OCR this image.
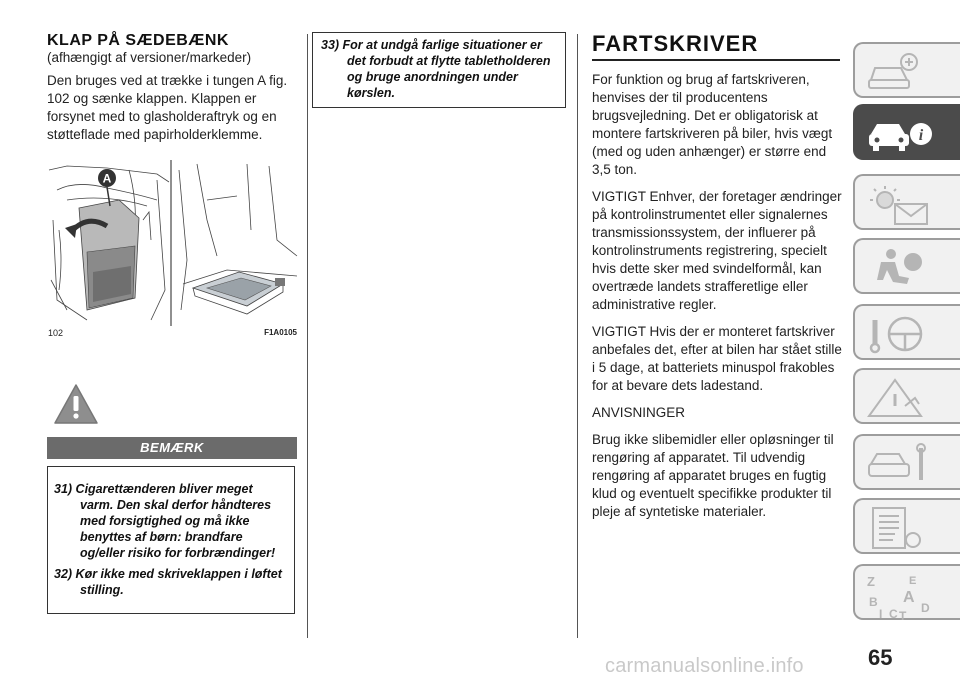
KLAP PÅ SÆDEBÆNK
(afhængigt af versioner/markeder)

Den bruges ved at trække i tungen A fig. 102 og sænke klappen. Klappen er forsynet med to glasholderaftryk og en støtteflade med papirholderklemme.

A
102	F1A0105
BEMÆRK

31) Cigarettænderen bliver meget varm. Den skal derfor håndteres med forsigtighed og må ikke benyttes af børn: brandfare og/eller risiko for forbrændinger!

32) Kør ikke med skriveklappen i løftet stilling.

33) For at undgå farlige situationer er det forbudt at flytte tabletholderen og bruge anordningen under kørslen.

FARTSKRIVER

For funktion og brug af fartskriveren, henvises der til producentens brugsvejledning. Det er obligatorisk at montere fartskriveren på biler, hvis vægt (med og uden anhænger) er større end 3,5 ton.

VIGTIGT Enhver, der foretager ændringer på kontrolinstrumentet eller signalernes transmissionssystem, der influerer på kontrolinstruments registrering, specielt hvis dette sker med svindelformål, kan overtræde landets strafferetlige eller administrative regler.

VIGTIGT Hvis der er monteret fartskriver anbefales det, efter at bilen har stået stille i 5 dage, at batteriets minuspol frakobles for at bevare dets ladestand.

ANVISNINGER

Brug ikke slibemidler eller opløsninger til rengøring af apparatet. Til udvendig rengøring af apparatet bruges en fugtig klud og eventuelt specifikke produkter til pleje af syntetiske materialer.

i
Z	E
B A
I C T
D
65
carmanualsonline.info
